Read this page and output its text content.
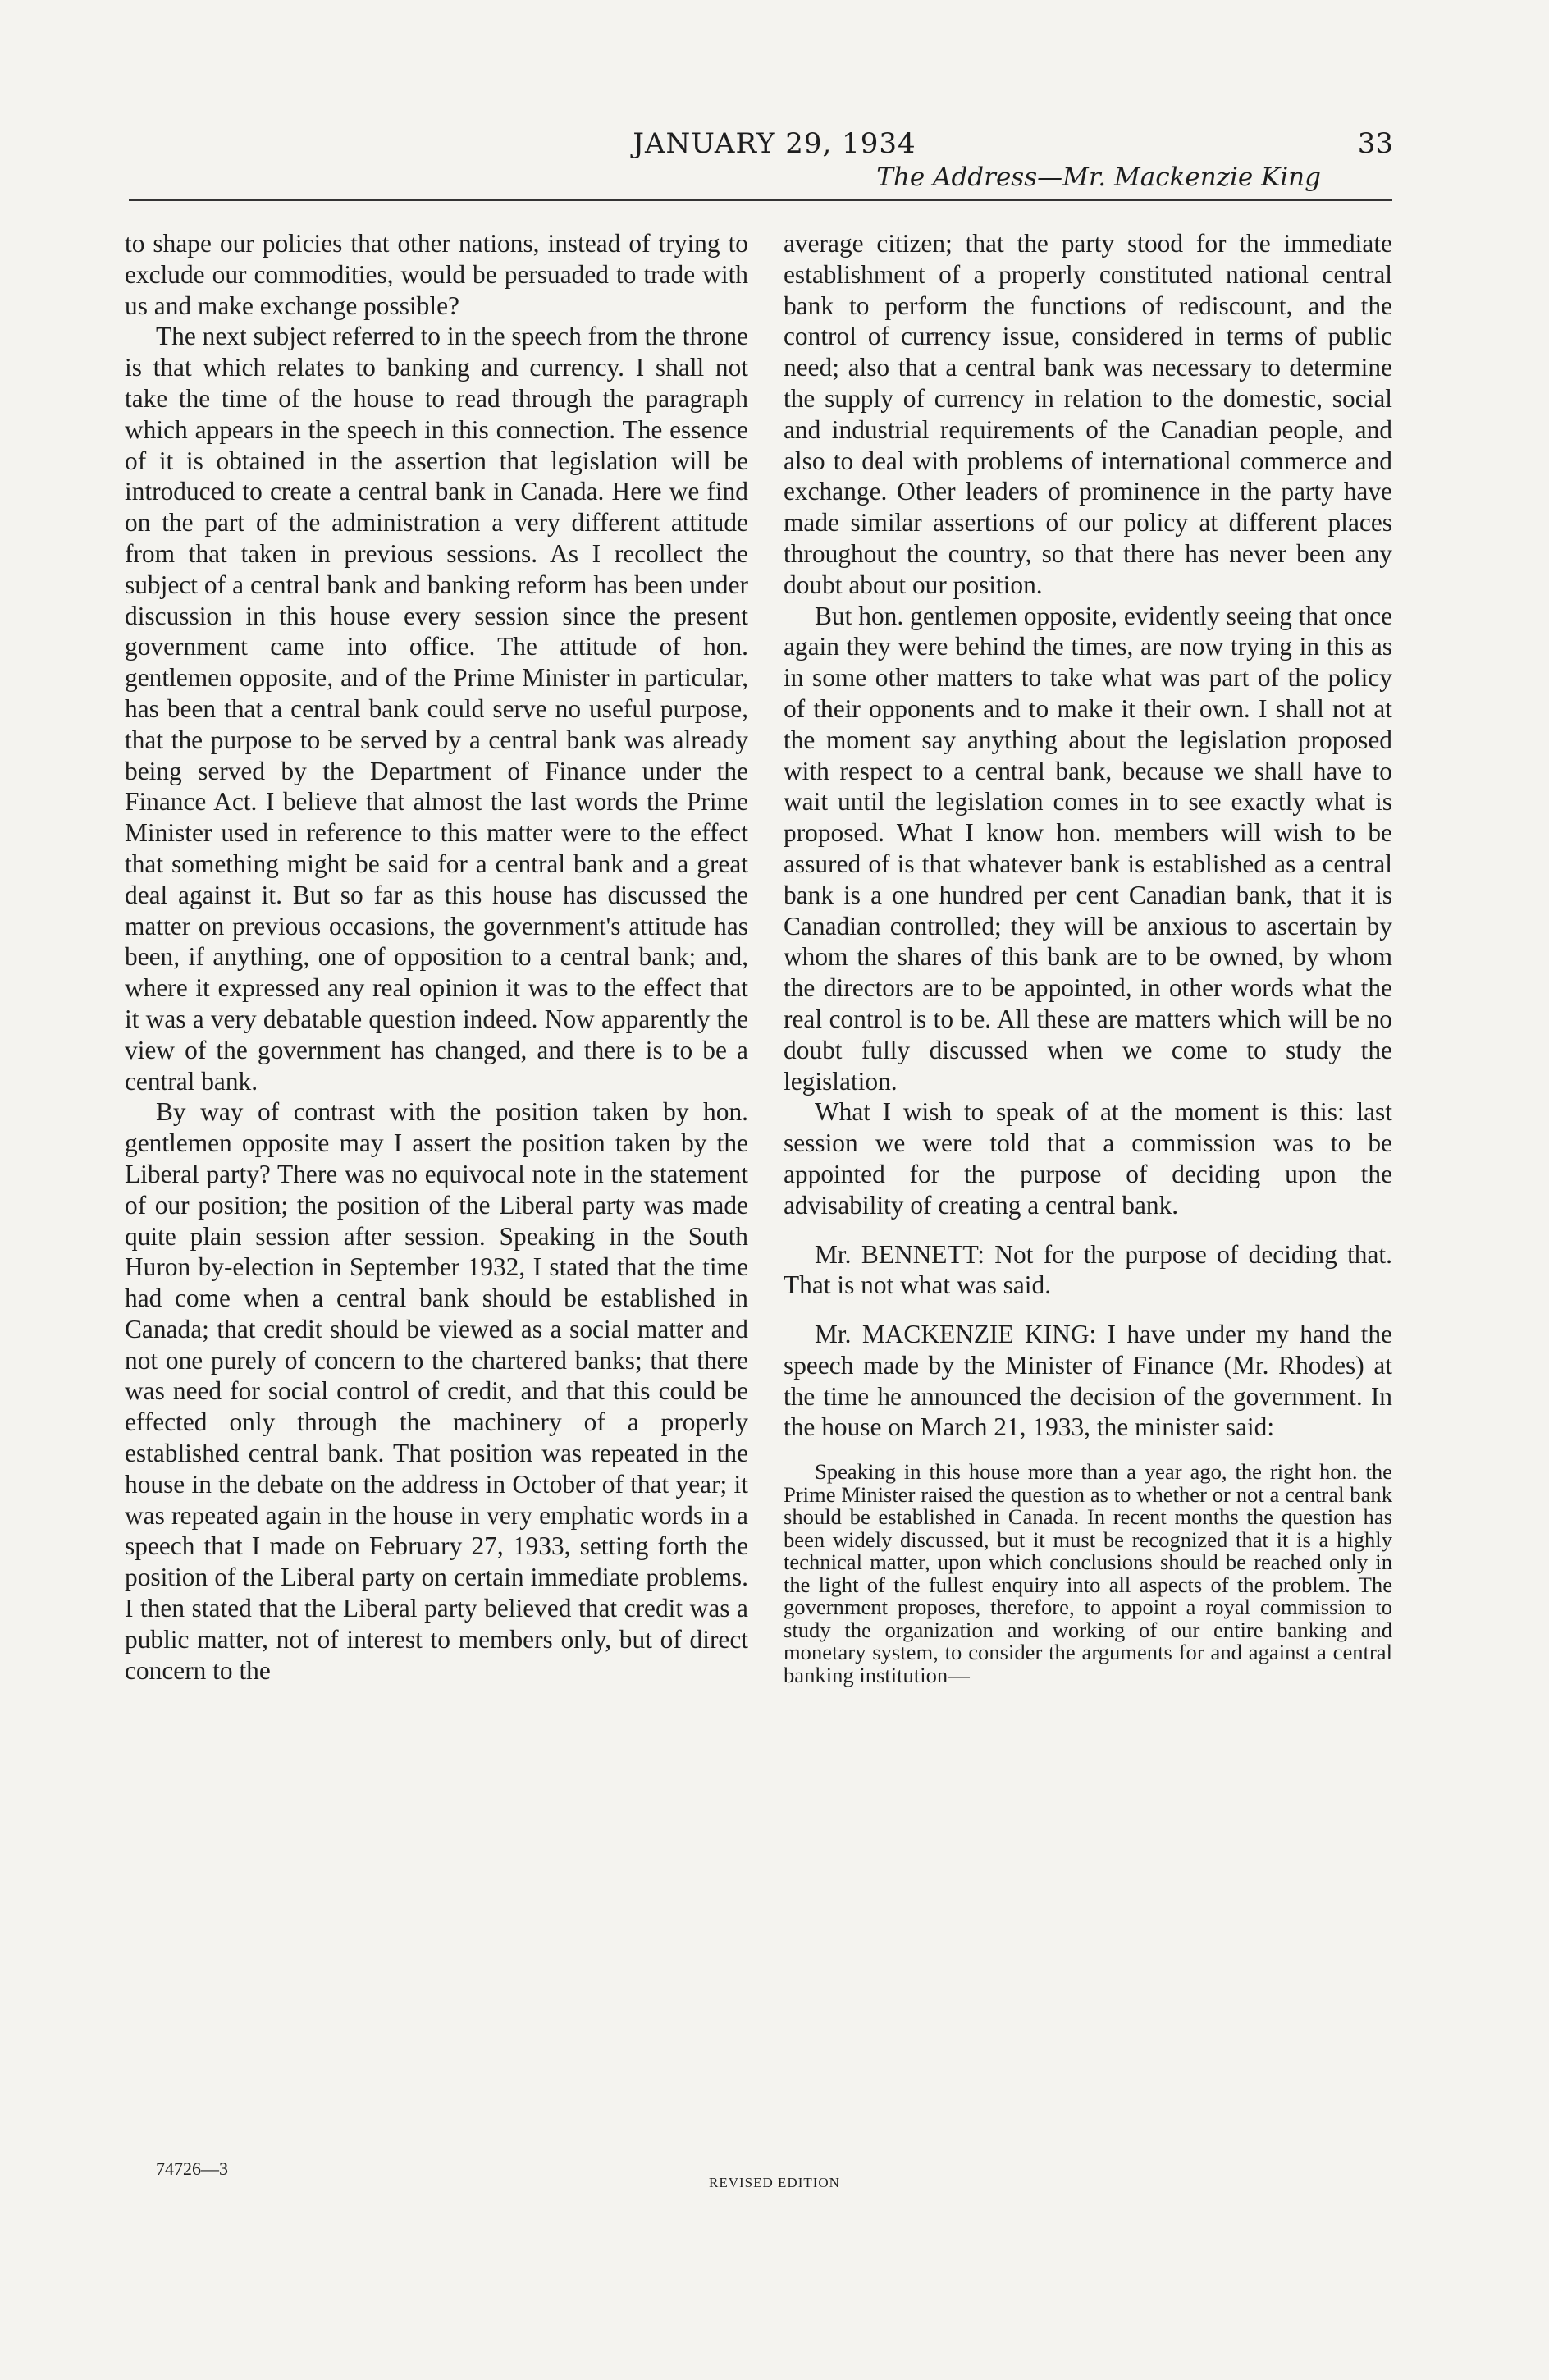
JANUARY 29, 1934	33
The Address—Mr. Mackenzie King

to shape our policies that other nations, instead of trying to exclude our commodities, would be persuaded to trade with us and make exchange possible?

The next subject referred to in the speech from the throne is that which relates to banking and currency. I shall not take the time of the house to read through the paragraph which appears in the speech in this connection. The essence of it is obtained in the assertion that legislation will be introduced to create a central bank in Canada. Here we find on the part of the administration a very different attitude from that taken in previous sessions. As I recollect the subject of a central bank and banking reform has been under discussion in this house every session since the present government came into office. The attitude of hon. gentlemen opposite, and of the Prime Minister in particular, has been that a central bank could serve no useful purpose, that the purpose to be served by a central bank was already being served by the Department of Finance under the Finance Act. I believe that almost the last words the Prime Minister used in reference to this matter were to the effect that something might be said for a central bank and a great deal against it. But so far as this house has discussed the matter on previous occasions, the government's attitude has been, if anything, one of opposition to a central bank; and, where it expressed any real opinion it was to the effect that it was a very debatable question indeed. Now apparently the view of the government has changed, and there is to be a central bank.

By way of contrast with the position taken by hon. gentlemen opposite may I assert the position taken by the Liberal party? There was no equivocal note in the statement of our position; the position of the Liberal party was made quite plain session after session. Speaking in the South Huron by-election in September 1932, I stated that the time had come when a central bank should be established in Canada; that credit should be viewed as a social matter and not one purely of concern to the chartered banks; that there was need for social control of credit, and that this could be effected only through the machinery of a properly established central bank. That position was repeated in the house in the debate on the address in October of that year; it was repeated again in the house in very emphatic words in a speech that I made on February 27, 1933, setting forth the position of the Liberal party on certain immediate problems. I then stated that the Liberal party believed that credit was a public matter, not of interest to members only, but of direct concern to the

average citizen; that the party stood for the immediate establishment of a properly constituted national central bank to perform the functions of rediscount, and the control of currency issue, considered in terms of public need; also that a central bank was necessary to determine the supply of currency in relation to the domestic, social and industrial requirements of the Canadian people, and also to deal with problems of international commerce and exchange. Other leaders of prominence in the party have made similar assertions of our policy at different places throughout the country, so that there has never been any doubt about our position.

But hon. gentlemen opposite, evidently seeing that once again they were behind the times, are now trying in this as in some other matters to take what was part of the policy of their opponents and to make it their own. I shall not at the moment say anything about the legislation proposed with respect to a central bank, because we shall have to wait until the legislation comes in to see exactly what is proposed. What I know hon. members will wish to be assured of is that whatever bank is established as a central bank is a one hundred per cent Canadian bank, that it is Canadian controlled; they will be anxious to ascertain by whom the shares of this bank are to be owned, by whom the directors are to be appointed, in other words what the real control is to be. All these are matters which will be no doubt fully discussed when we come to study the legislation.

What I wish to speak of at the moment is this: last session we were told that a commission was to be appointed for the purpose of deciding upon the advisability of creating a central bank.

Mr. BENNETT: Not for the purpose of deciding that. That is not what was said.

Mr. MACKENZIE KING: I have under my hand the speech made by the Minister of Finance (Mr. Rhodes) at the time he announced the decision of the government. In the house on March 21, 1933, the minister said:

Speaking in this house more than a year ago, the right hon. the Prime Minister raised the question as to whether or not a central bank should be established in Canada. In recent months the question has been widely discussed, but it must be recognized that it is a highly technical matter, upon which conclusions should be reached only in the light of the fullest enquiry into all aspects of the problem. The government proposes, therefore, to appoint a royal commission to study the organization and working of our entire banking and monetary system, to consider the arguments for and against a central banking institution—

74726—3
REVISED EDITION
